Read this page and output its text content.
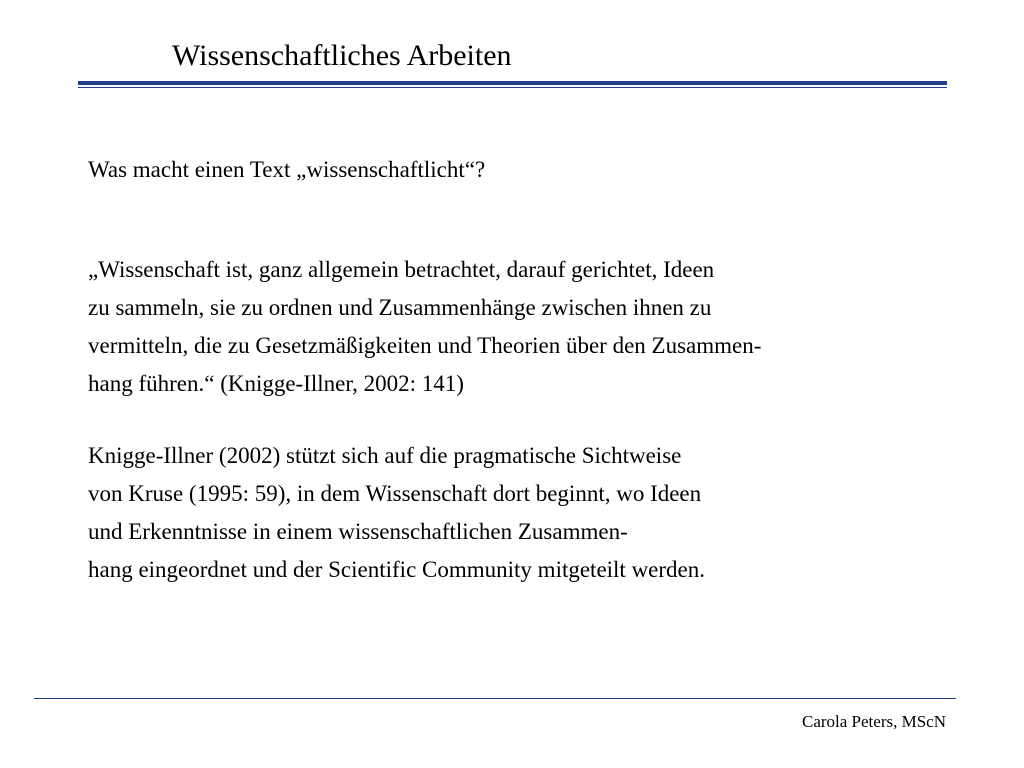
Wissenschaftliches Arbeiten
Was macht einen Text „wissenschaftlicht“?
„Wissenschaft ist, ganz allgemein betrachtet, darauf gerichtet, Ideen
zu sammeln, sie zu ordnen und Zusammenhänge zwischen ihnen zu
vermitteln, die zu Gesetzmäßigkeiten und Theorien über den Zusammen-
hang führen.“ (Knigge-Illner, 2002: 141)
Knigge-Illner (2002) stützt sich auf die pragmatische Sichtweise
von Kruse (1995: 59), in dem Wissenschaft dort beginnt, wo Ideen
und Erkenntnisse in einem wissenschaftlichen Zusammen-
hang eingeordnet und der Scientific Community mitgeteilt werden.
Carola Peters, MScN
